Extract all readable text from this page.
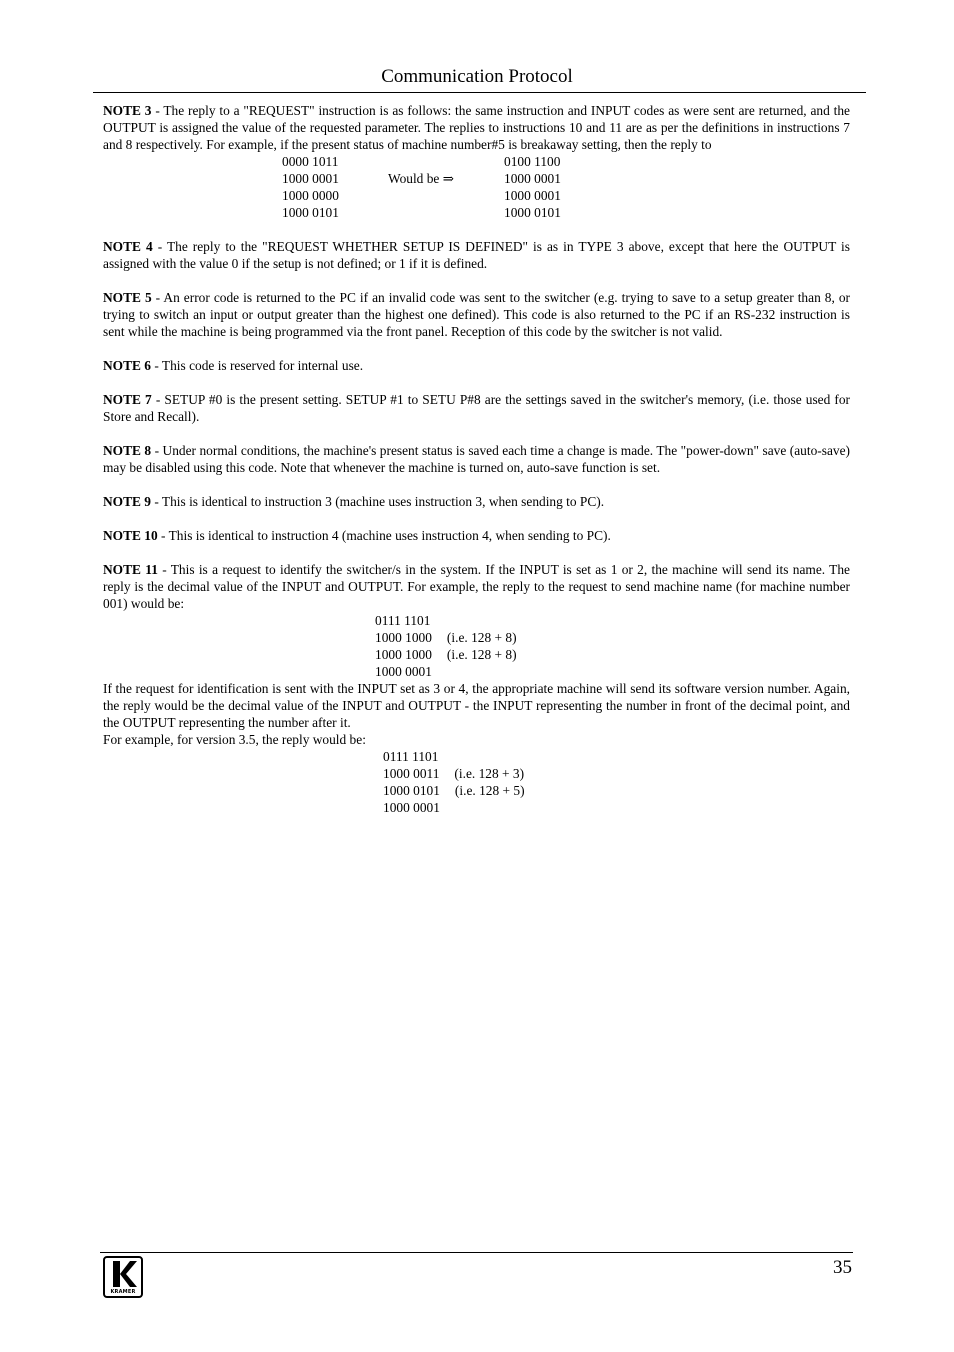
Communication Protocol

NOTE 3 - The reply to a "REQUEST" instruction is as follows: the same instruction and INPUT codes as were sent are returned, and the OUTPUT is assigned the value of the requested parameter. The replies to instructions 10 and 11 are as per the definitions in instructions 7 and 8 respectively. For example, if the present status of machine number#5 is breakaway setting, then the reply to

0000 1011
1000 0001
1000 0000
1000 0101
Would be ⇒
0100 1100
1000 0001
1000 0001
1000 0101

NOTE 4 - The reply to the "REQUEST WHETHER SETUP IS DEFINED" is as in TYPE 3 above, except that here the OUTPUT is assigned with the value 0 if the setup is not defined; or 1 if it is defined.

NOTE 5 - An error code is returned to the PC if an invalid code was sent to the switcher (e.g. trying to save to a setup greater than 8, or trying to switch an input or output greater than the highest one defined). This code is also returned to the PC if an RS-232 instruction is sent while the machine is being programmed via the front panel. Reception of this code by the switcher is not valid.

NOTE 6 - This code is reserved for internal use.

NOTE 7 - SETUP #0 is the present setting. SETUP #1 to SETU P#8 are the settings saved in the switcher's memory, (i.e. those used for Store and Recall).

NOTE 8 - Under normal conditions, the machine's present status is saved each time a change is made. The "power-down" save (auto-save) may be disabled using this code. Note that whenever the machine is turned on, auto-save function is set.

NOTE 9 - This is identical to instruction 3 (machine uses instruction 3, when sending to PC).

NOTE 10 - This is identical to instruction 4 (machine uses instruction 4, when sending to PC).

NOTE 11 - This is a request to identify the switcher/s in the system. If the INPUT is set as 1 or 2, the machine will send its name. The reply is the decimal value of the INPUT and OUTPUT. For example, the reply to the request to send machine name (for machine number 001) would be:

0111 1101
1000 1000 (i.e. 128 + 8)
1000 1000 (i.e. 128 + 8)
1000 0001

If the request for identification is sent with the INPUT set as 3 or 4, the appropriate machine will send its software version number. Again, the reply would be the decimal value of the INPUT and OUTPUT - the INPUT representing the number in front of the decimal point, and the OUTPUT representing the number after it.

For example, for version 3.5, the reply would be:

0111 1101
1000 0011 (i.e. 128 + 3)
1000 0101 (i.e. 128 + 5)
1000 0001
KRAMER
35
